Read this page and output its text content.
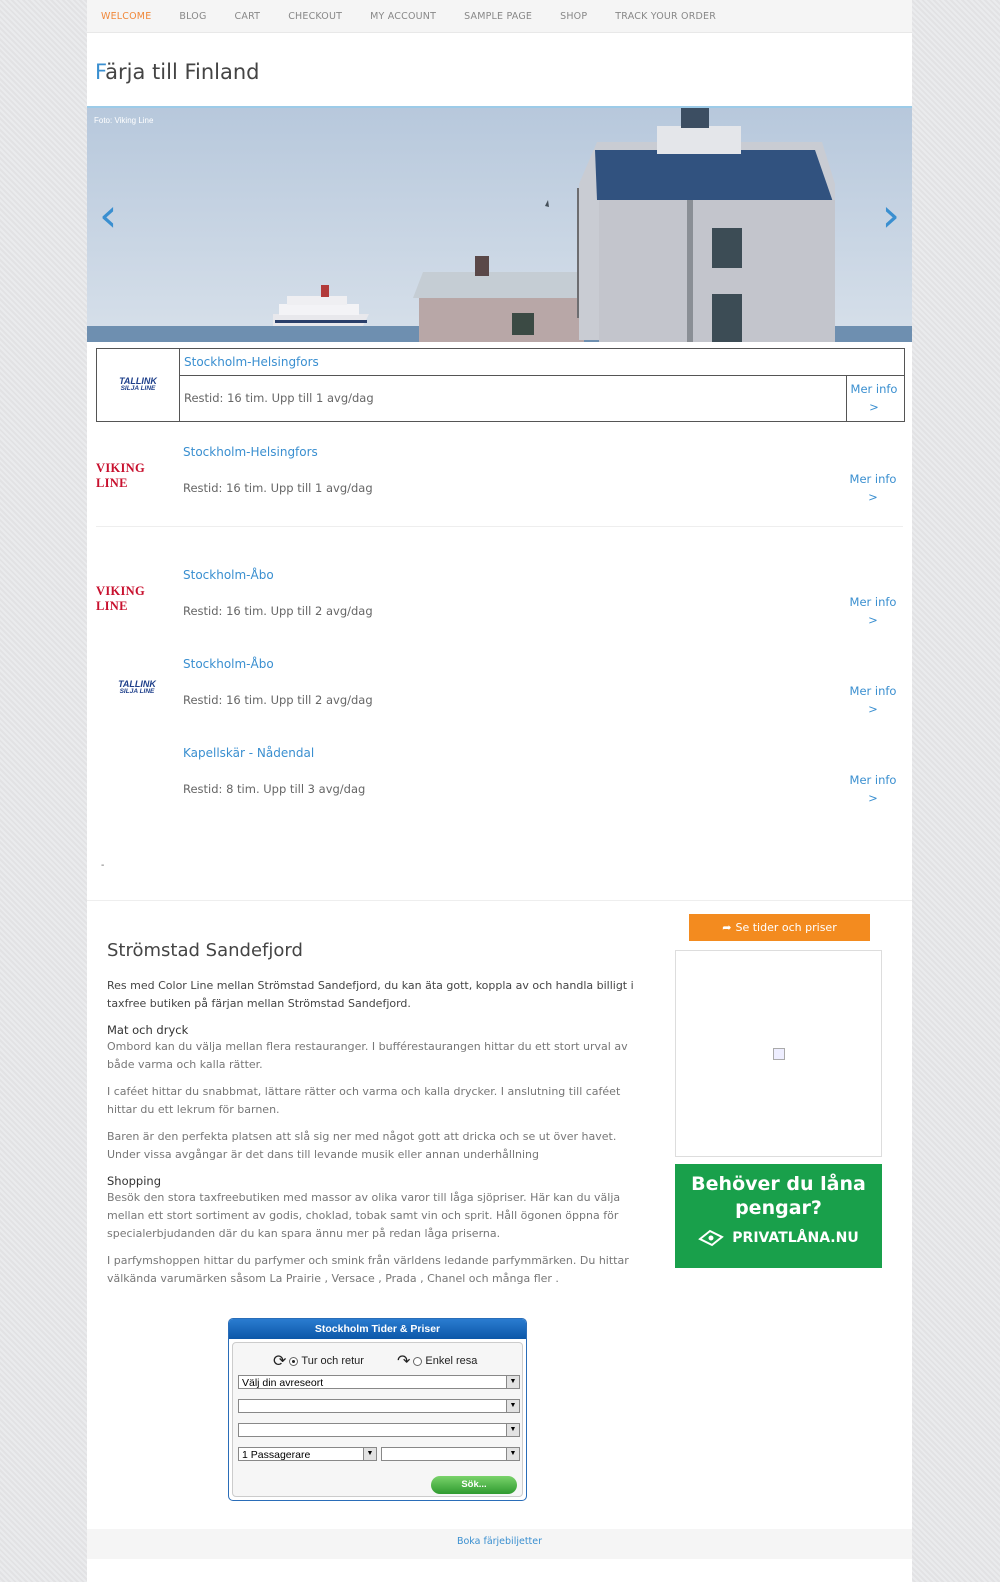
WELCOME	BLOG	CART	CHECKOUT	MY ACCOUNT	SAMPLE PAGE	SHOP	TRACK YOUR ORDER
Färja till Finland
Foto: Viking Line
‹	›
TALLINK
SILJA LINE
Stockholm-Helsingfors
Restid: 16 tim. Upp till 1 avg/dag
Mer info
>
VIKING LINE
Stockholm-Helsingfors
Restid: 16 tim. Upp till 1 avg/dag
Mer info
>
VIKING LINE
Stockholm-Åbo
Restid: 16 tim. Upp till 2 avg/dag
Mer info
>
TALLINK
SILJA LINE
Stockholm-Åbo
Restid: 16 tim. Upp till 2 avg/dag
Mer info
>
Kapellskär - Nådendal
Restid: 8 tim. Upp till 3 avg/dag
Mer info
>
-
Strömstad Sandefjord

Res med Color Line mellan Strömstad Sandefjord, du kan äta gott, koppla av och handla billigt i taxfree butiken på färjan mellan Strömstad Sandefjord.

Mat och dryck

Ombord kan du välja mellan flera restauranger. I bufférestaurangen hittar du ett stort urval av både varma och kalla rätter.

I caféet hittar du snabbmat, lättare rätter och varma och kalla drycker. I anslutning till caféet hittar du ett lekrum för barnen.

Baren är den perfekta platsen att slå sig ner med något gott att dricka och se ut över havet. Under vissa avgångar är det dans till levande musik eller annan underhållning

Shopping

Besök den stora taxfreebutiken med massor av olika varor till låga sjöpriser. Här kan du välja mellan ett stort sortiment av godis, choklad, tobak samt vin och sprit. Håll ögonen öppna för specialerbjudanden där du kan spara ännu mer på redan låga priserna.

I parfymshoppen hittar du parfymer och smink från världens ledande parfymmärken. Du hittar välkända varumärken såsom La Prairie , Versace , Prada , Chanel och många fler .

➦ Se tider och priser
Behöver du låna pengar?
PRIVATLÅNA.NU
Stockholm Tider & Priser
⟳ Tur och retur ↷ Enkel resa
Välj din avreseort	▼
▼
▼
1 Passagerare	▼	▼
Sök...
Boka färjebiljetter
